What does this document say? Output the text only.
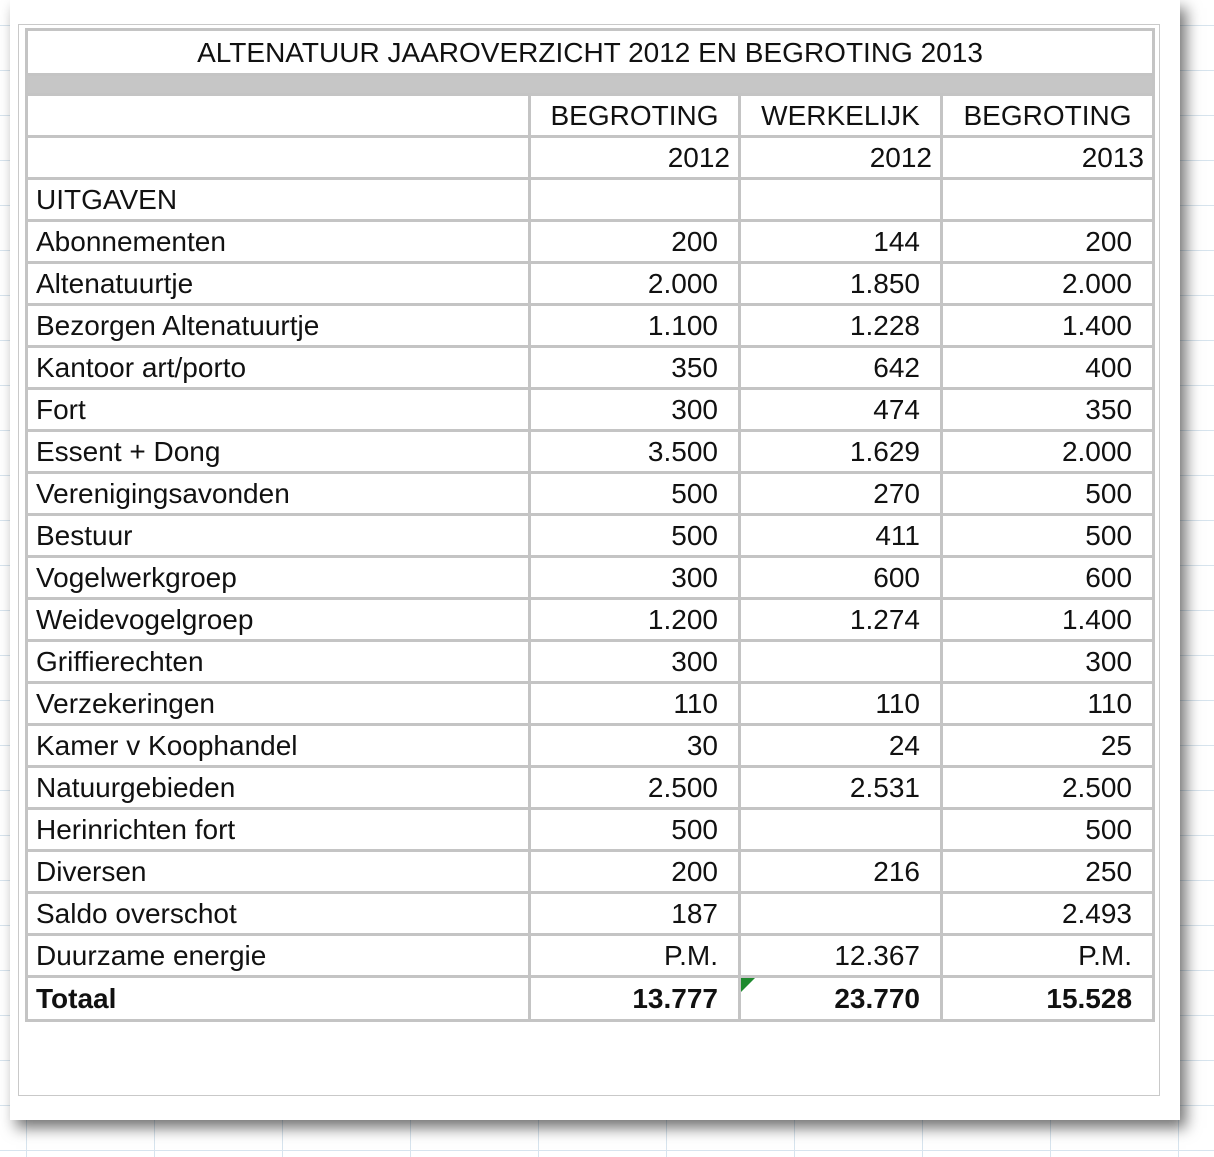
ALTENATUUR JAAROVERZICHT 2012 EN BEGROTING 2013			

	BEGROTING	WERKELIJK	BEGROTING
	2012	2012	2013
UITGAVEN			
Abonnementen	200	144	200
Altenatuurtje	2.000	1.850	2.000
Bezorgen Altenatuurtje	1.100	1.228	1.400
Kantoor art/porto	350	642	400
Fort	300	474	350
Essent + Dong	3.500	1.629	2.000
Verenigingsavonden	500	270	500
Bestuur	500	411	500
Vogelwerkgroep	300	600	600
Weidevogelgroep	1.200	1.274	1.400
Griffierechten	300		300
Verzekeringen	110	110	110
Kamer v Koophandel	30	24	25
Natuurgebieden	2.500	2.531	2.500
Herinrichten fort	500		500
Diversen	200	216	250
Saldo overschot	187		2.493
Duurzame energie	P.M.	12.367	P.M.
Totaal	13.777	23.770	15.528
